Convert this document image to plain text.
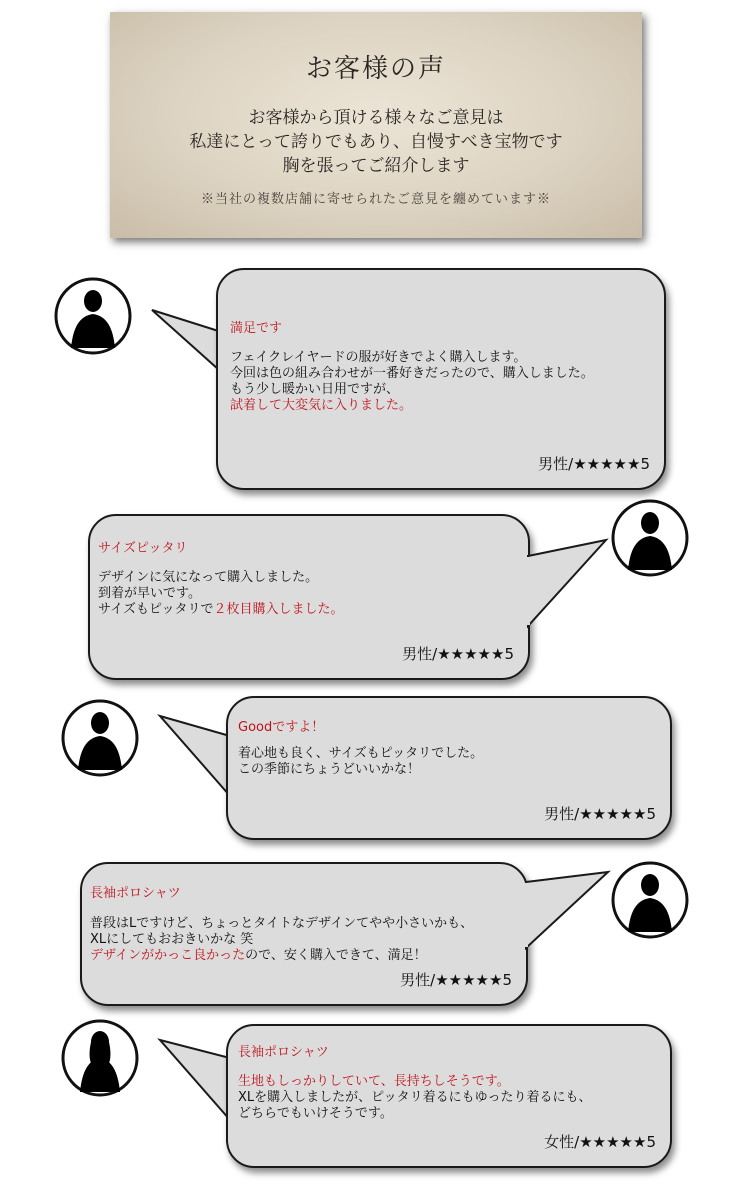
お客様の声
お客様から頂ける様々なご意見は
私達にとって誇りでもあり、自慢すべき宝物です
胸を張ってご紹介します
※当社の複数店舗に寄せられたご意見を纏めています※
満足です
フェイクレイヤードの服が好きでよく購入します。
今回は色の組み合わせが一番好きだったので、購入しました。
もう少し暖かい日用ですが、
試着して大変気に入りました。
男性/★★★★★5
サイズピッタリ
デザインに気になって購入しました。
到着が早いです。
サイズもピッタリで２枚目購入しました。
男性/★★★★★5
Goodですよ！
着心地も良く、サイズもピッタリでした。
この季節にちょうどいいかな！
男性/★★★★★5
長袖ポロシャツ
普段はLですけど、ちょっとタイトなデザインてやや小さいかも、
XLにしてもおおきいかな 笑
デザインがかっこ良かったので、安く購入できて、満足！
男性/★★★★★5
長袖ポロシャツ
生地もしっかりしていて、長持ちしそうです。
XLを購入しましたが、ピッタリ着るにもゆったり着るにも、
どちらでもいけそうです。
女性/★★★★★5
